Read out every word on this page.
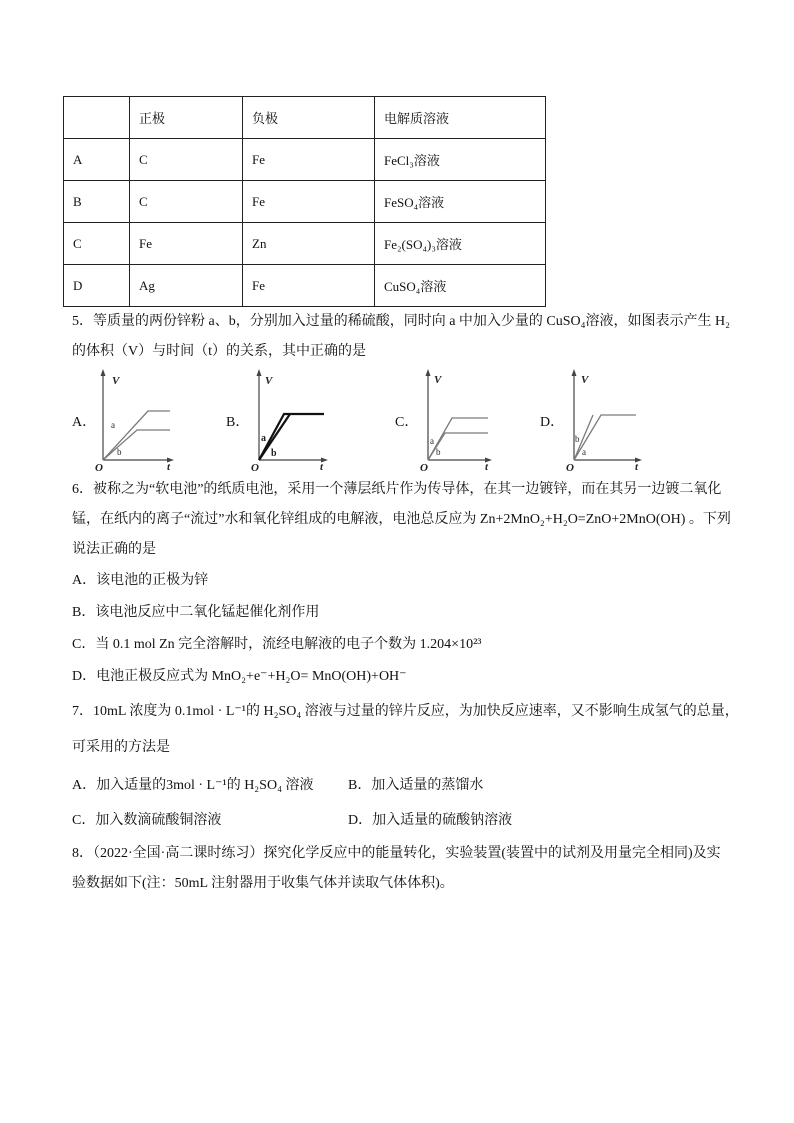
	正极	负极	电解质溶液
A	C	Fe	FeCl₃溶液
B	C	Fe	FeSO₄溶液
C	Fe	Zn	Fe₂(SO₄)₃溶液
D	Ag	Fe	CuSO₄溶液
5．等质量的两份锌粉 a、b，分别加入过量的稀硫酸，同时向 a 中加入少量的 CuSO₄溶液，如图表示产生 H₂
的体积（V）与时间（t）的关系，其中正确的是
A．	B．	C．	D．
V
O	t
a
b
V
O	t
a
b
V
O	t
a
b
V
O	t
a
b
6．被称之为“软电池”的纸质电池，采用一个薄层纸片作为传导体，在其一边镀锌，而在其另一边镀二氧化
锰，在纸内的离子“流过”水和氧化锌组成的电解液，电池总反应为 Zn+2MnO₂+H₂O=ZnO+2MnO(OH) 。下列
说法正确的是
A．该电池的正极为锌
B．该电池反应中二氧化锰起催化剂作用
C．当 0.1 mol Zn 完全溶解时，流经电解液的电子个数为 1.204×10²³
D．电池正极反应式为 MnO₂+e⁻+H₂O= MnO(OH)+OH⁻
7．10mL 浓度为 0.1mol · L⁻¹的 H₂SO₄ 溶液与过量的锌片反应，为加快反应速率，又不影响生成氢气的总量，
可采用的方法是
A．加入适量的3mol · L⁻¹的 H₂SO₄ 溶液 B．加入适量的蒸馏水
C．加入数滴硫酸铜溶液	D．加入适量的硫酸钠溶液
8．（2022·全国·高二课时练习）探究化学反应中的能量转化，实验装置(装置中的试剂及用量完全相同)及实
验数据如下(注：50mL 注射器用于收集气体并读取气体体积)。
